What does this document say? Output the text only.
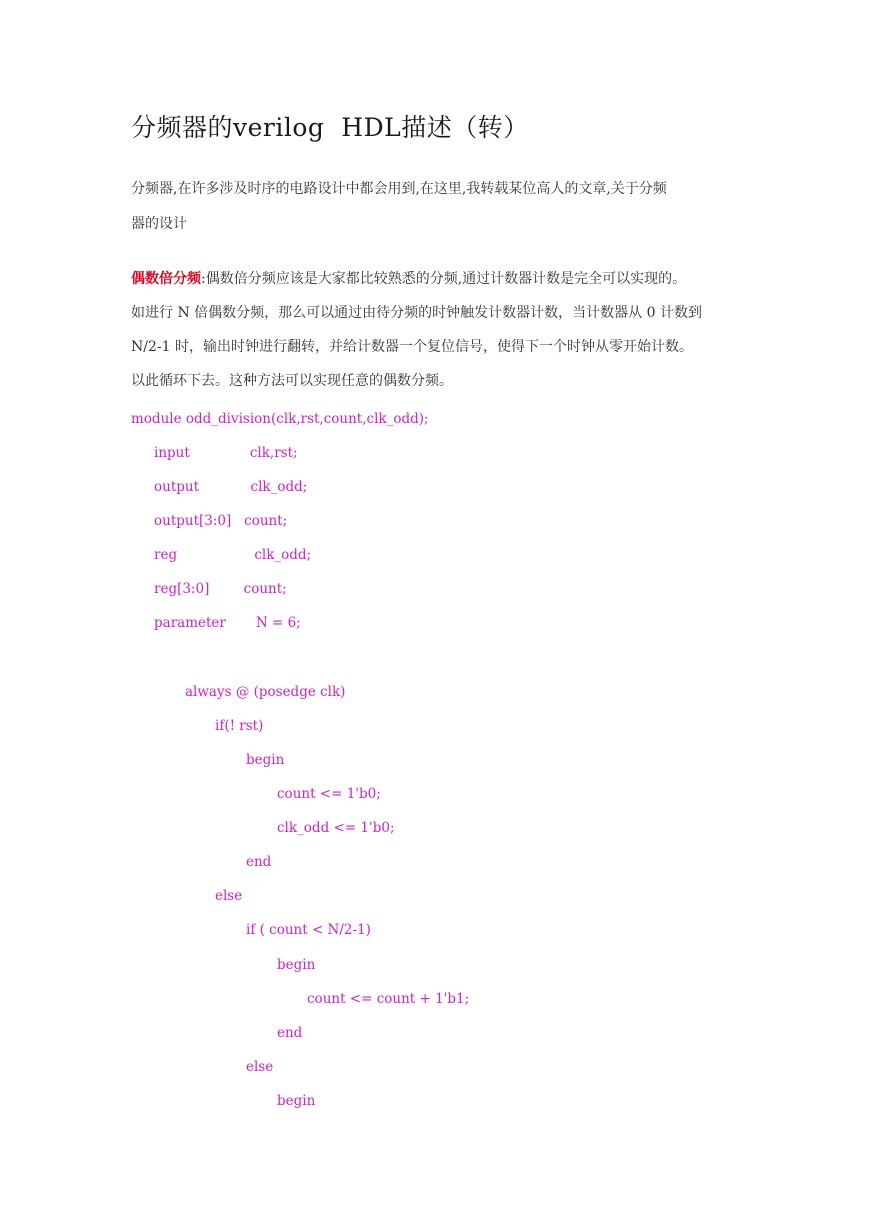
分频器的verilog  HDL描述（转）
分频器,在许多涉及时序的电路设计中都会用到,在这里,我转载某位高人的文章,关于分频
器的设计
偶数倍分频:偶数倍分频应该是大家都比较熟悉的分频,通过计数器计数是完全可以实现的。
如进行 N 倍偶数分频，那么可以通过由待分频的时钟触发计数器计数，当计数器从 0 计数到
N/2-1 时，输出时钟进行翻转，并给计数器一个复位信号，使得下一个时钟从零开始计数。
以此循环下去。这种方法可以实现任意的偶数分频。
module odd_division(clk,rst,count,clk_odd);
input              clk,rst;
output            clk_odd;
output[3:0]   count;
reg                  clk_odd;
reg[3:0]        count;
parameter       N = 6;
always @ (posedge clk)
if(! rst)
begin
count <= 1'b0;
clk_odd <= 1'b0;
end
else
if ( count < N/2-1)
begin
count <= count + 1'b1;
end
else
begin
